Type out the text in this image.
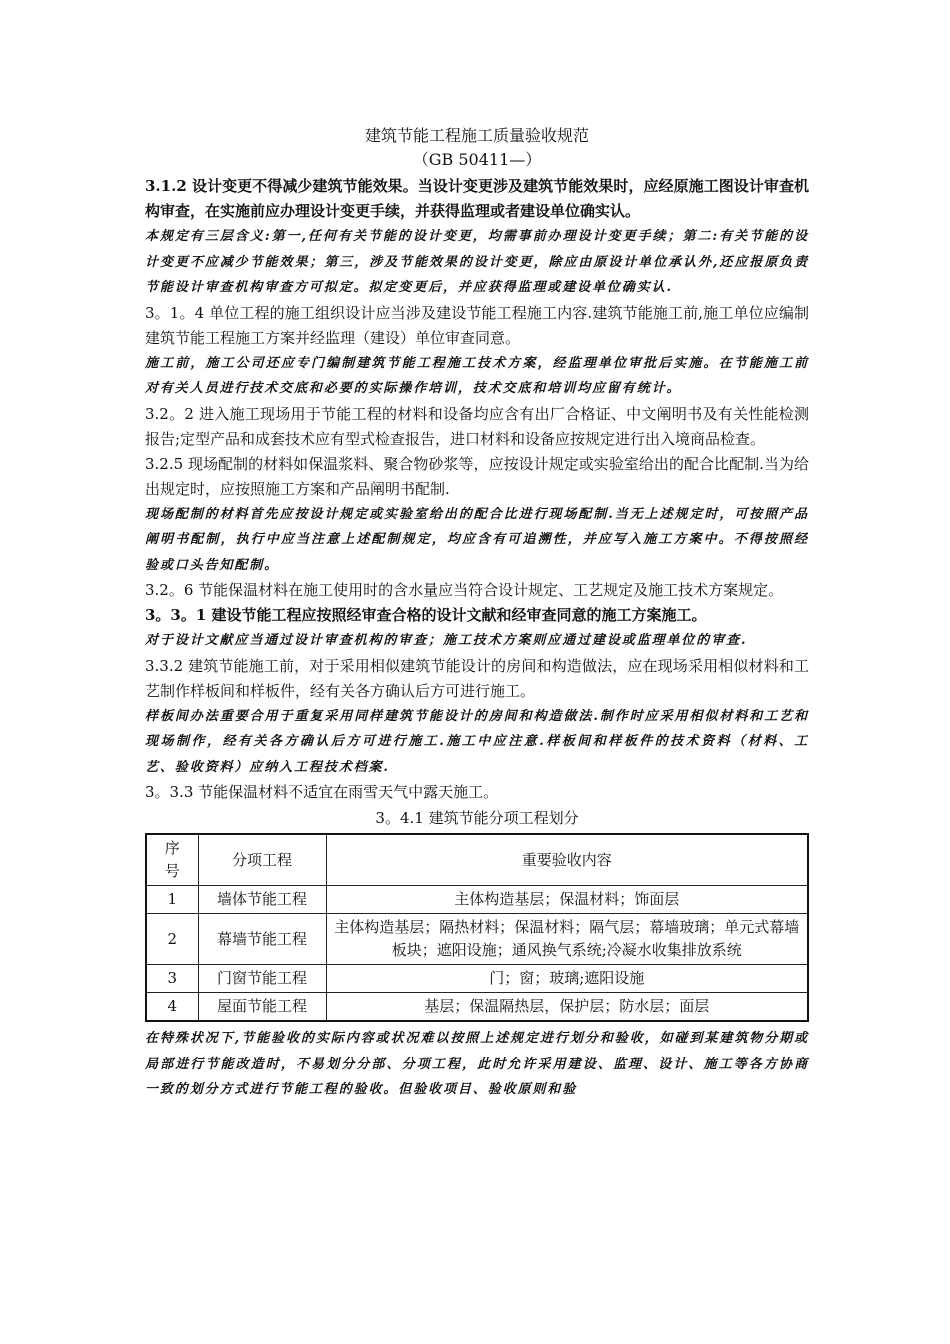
建筑节能工程施工质量验收规范
（GB 50411—）

3.1.2 设计变更不得减少建筑节能效果。当设计变更涉及建筑节能效果时，应经原施工图设计审查机构审查，在实施前应办理设计变更手续，并获得监理或者建设单位确实认。

本规定有三层含义:第一,任何有关节能的设计变更，均需事前办理设计变更手续；第二:有关节能的设计变更不应减少节能效果；第三，涉及节能效果的设计变更，除应由原设计单位承认外,还应报原负责节能设计审查机构审查方可拟定。拟定变更后，并应获得监理或建设单位确实认.

3。1。4 单位工程的施工组织设计应当涉及建设节能工程施工内容.建筑节能施工前,施工单位应编制建筑节能工程施工方案并经监理（建设）单位审查同意。

施工前，施工公司还应专门编制建筑节能工程施工技术方案，经监理单位审批后实施。在节能施工前对有关人员进行技术交底和必要的实际操作培训，技术交底和培训均应留有统计。

3.2。2 进入施工现场用于节能工程的材料和设备均应含有出厂合格证、中文阐明书及有关性能检测报告;定型产品和成套技术应有型式检查报告，进口材料和设备应按规定进行出入境商品检查。

3.2.5 现场配制的材料如保温浆料、聚合物砂浆等，应按设计规定或实验室给出的配合比配制.当为给出规定时，应按照施工方案和产品阐明书配制.

现场配制的材料首先应按设计规定或实验室给出的配合比进行现场配制.当无上述规定时，可按照产品阐明书配制，执行中应当注意上述配制规定，均应含有可追溯性，并应写入施工方案中。不得按照经验或口头告知配制。

3.2。6 节能保温材料在施工使用时的含水量应当符合设计规定、工艺规定及施工技术方案规定。

3。3。1 建设节能工程应按照经审查合格的设计文献和经审查同意的施工方案施工。

对于设计文献应当通过设计审查机构的审查；施工技术方案则应通过建设或监理单位的审查.

3.3.2 建筑节能施工前，对于采用相似建筑节能设计的房间和构造做法，应在现场采用相似材料和工艺制作样板间和样板件，经有关各方确认后方可进行施工。

样板间办法重要合用于重复采用同样建筑节能设计的房间和构造做法.制作时应采用相似材料和工艺和现场制作，经有关各方确认后方可进行施工.施工中应注意.样板间和样板件的技术资料（材料、工艺、验收资料）应纳入工程技术档案.

3。3.3 节能保温材料不适宜在雨雪天气中露天施工。

3。4.1 建筑节能分项工程划分
序号	分项工程	重要验收内容
1	墙体节能工程	主体构造基层；保温材料；饰面层
2	幕墙节能工程	主体构造基层；隔热材料；保温材料；隔气层；幕墙玻璃；单元式幕墙板块；遮阳设施；通风换气系统;冷凝水收集排放系统
3	门窗节能工程	门；窗；玻璃;遮阳设施
4	屋面节能工程	基层；保温隔热层，保护层；防水层；面层

在特殊状况下,节能验收的实际内容或状况难以按照上述规定进行划分和验收，如碰到某建筑物分期或局部进行节能改造时，不易划分分部、分项工程，此时允许采用建设、监理、设计、施工等各方协商一致的划分方式进行节能工程的验收。但验收项目、验收原则和验
